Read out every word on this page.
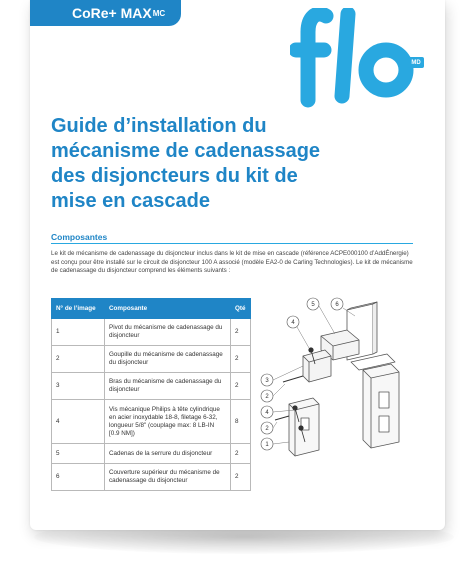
CoRe+ MAX MC
MD
Guide d’installation du
mécanisme de cadenassage
des disjoncteurs du kit de
mise en cascade
Composantes
Le kit de mécanisme de cadenassage du disjoncteur inclus dans le kit de mise en cascade (référence ACPE000100 d’AddÉnergie) est conçu pour être installé sur le circuit de disjoncteur 100 A associé (modèle EA2-0 de Carling Technologies). Le kit de mécanisme de cadenassage du disjoncteur comprend les éléments suivants :
N° de l’image	Composante	Qté
1	Pivot du mécanisme de cadenassage du disjoncteur	2
2	Goupille du mécanisme de cadenassage du disjoncteur	2
3	Bras du mécanisme de cadenassage du disjoncteur	2
4	Vis mécanique Philips à tête cylindrique en acier inoxydable 18-8, filetage 6-32, longueur 5/8" (couplage max: 8 LB-IN [0.9 NM])	8
5	Cadenas de la serrure du disjoncteur	2
6	Couverture supérieur du mécanisme de cadenassage du disjoncteur	2
5	6
4
3
2
4
2
1
